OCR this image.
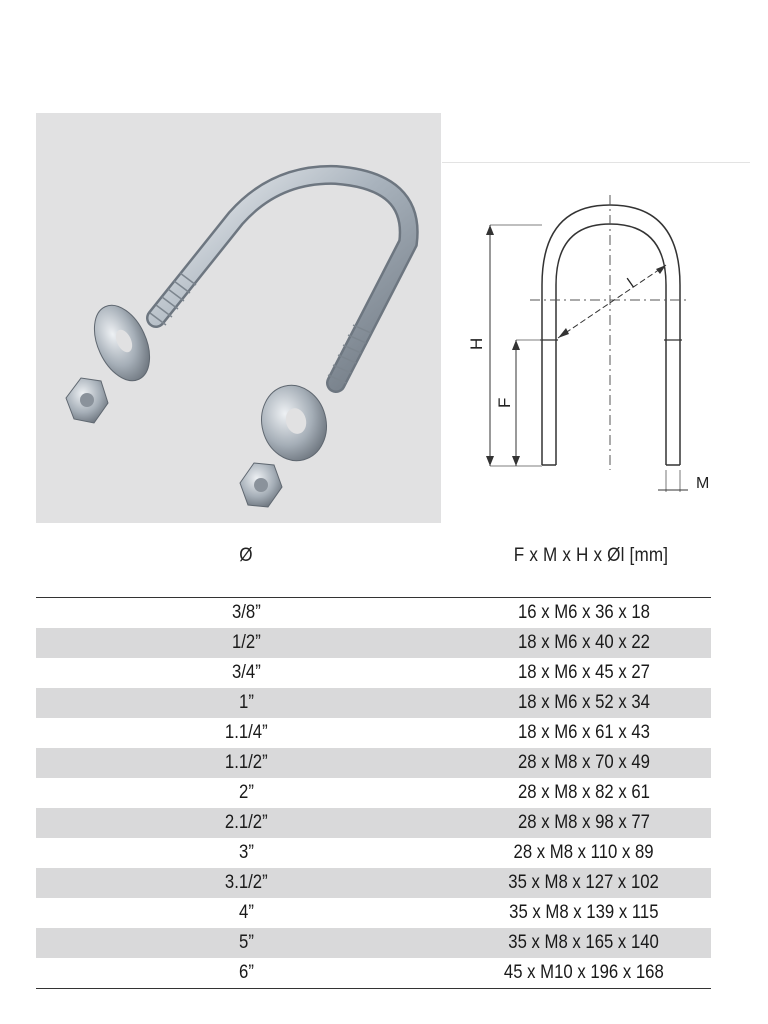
H
F
l
M
Ø	F x M x H x Øl [mm]
3/8”	16 x M6 x 36 x 18
1/2”	18 x M6 x 40 x 22
3/4”	18 x M6 x 45 x 27
1”	18 x M6 x 52 x 34
1.1/4”	18 x M6 x 61 x 43
1.1/2”	28 x M8 x 70 x 49
2”	28 x M8 x 82 x 61
2.1/2”	28 x M8 x 98 x 77
3”	28 x M8 x 110 x 89
3.1/2”	35 x M8 x 127 x 102
4”	35 x M8 x 139 x 115
5”	35 x M8 x 165 x 140
6”	45 x M10 x 196 x 168
